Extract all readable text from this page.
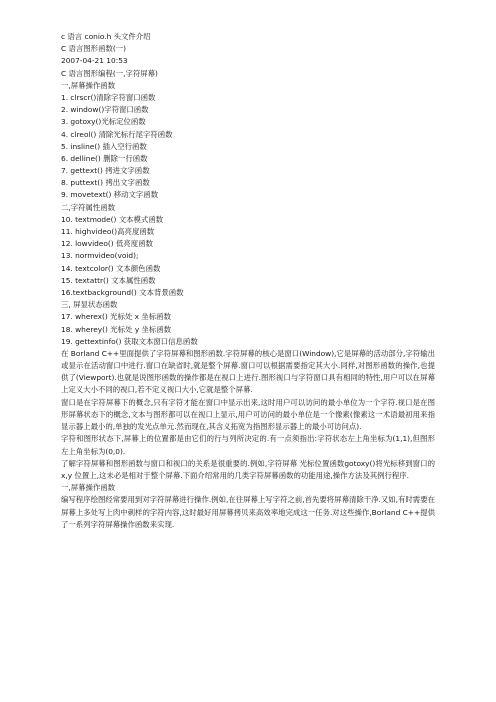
c 语言 conio.h 头文件介绍
C 语言图形函数(一)
2007-04-21 10:53
C 语言图形编程(一,字符屏幕)
一,屏幕操作函数
1. clrscr()清除字符窗口函数
2. window()字符窗口函数
3. gotoxy()光标定位函数
4. clreol() 清除光标行尾字符函数
5. insline() 插入空行函数
6. delline() 删除一行函数
7. gettext() 拷进文字函数
8. puttext() 拷出文字函数
9. movetext() 移动文字函数
二,字符属性函数
10. textmode() 文本模式函数
11. highvideo()高亮度函数
12. lowvideo() 低亮度函数
13. normvideo(void);
14. textcolor() 文本颜色函数
15. textattr() 文本属性函数
16.textbackground() 文本背景函数
三, 屏显状态函数
17. wherex() 光标处 x 坐标函数
18. wherey() 光标处 y 坐标函数
19. gettextinfo() 获取文本窗口信息函数
在 Borland C++里面提供了字符屏幕和图形函数.字符屏幕的核心是窗口(Window),它是屏幕的活动部分,字符输出或显示在活动窗口中进行.窗口在缺省时,就是整个屏幕.窗口可以根据需要指定其大小.同样,对图形函数的操作,也提供了(Viewport).也就是说图形函数的操作都是在视口上进行.图形视口与字符窗口具有相同的特性,用户可以在屏幕上定义大小不同的视口,若不定义视口大小,它就是整个屏幕.
窗口是在字符屏幕下的概念,只有字符才能在窗口中显示出来,这时用户可以访问的最小单位为一个字符.视口是在图形屏幕状态下的概念,文本与图形都可以在视口上显示,用户可访问的最小单位是一个像素(像素这一术语最初用来指显示器上最小的,单独的发光点单元.然而现在,其含义拓宽为指图形显示器上的最小可访问点).
字符和图形状态下,屏幕上的位置都是由它们的行与列所决定的.有一点须指出:字符状态左上角坐标为(1,1),但图形左上角坐标为(0,0).
了解字符屏幕和图形函数与窗口和视口的关系是很重要的.例如,字符屏幕 光标位置函数gotoxy()将光标移到窗口的 x,y 位置上,这未必是相对于整个屏幕.下面介绍常用的几类字符屏幕函数的功能用途,操作方法及其例行程序.
一,屏幕操作函数
编写程序绘图经常要用到对字符屏幕进行操作.例如,在往屏幕上写字符之前,首先要将屏幕清除干净.又如,有时需要在屏幕上多处写上肉中刺样的字符内容,这时最好用屏幕拷贝来高效率地完成这一任务.对这些操作,Borland C++提供了一系列字符屏幕操作函数来实现.
